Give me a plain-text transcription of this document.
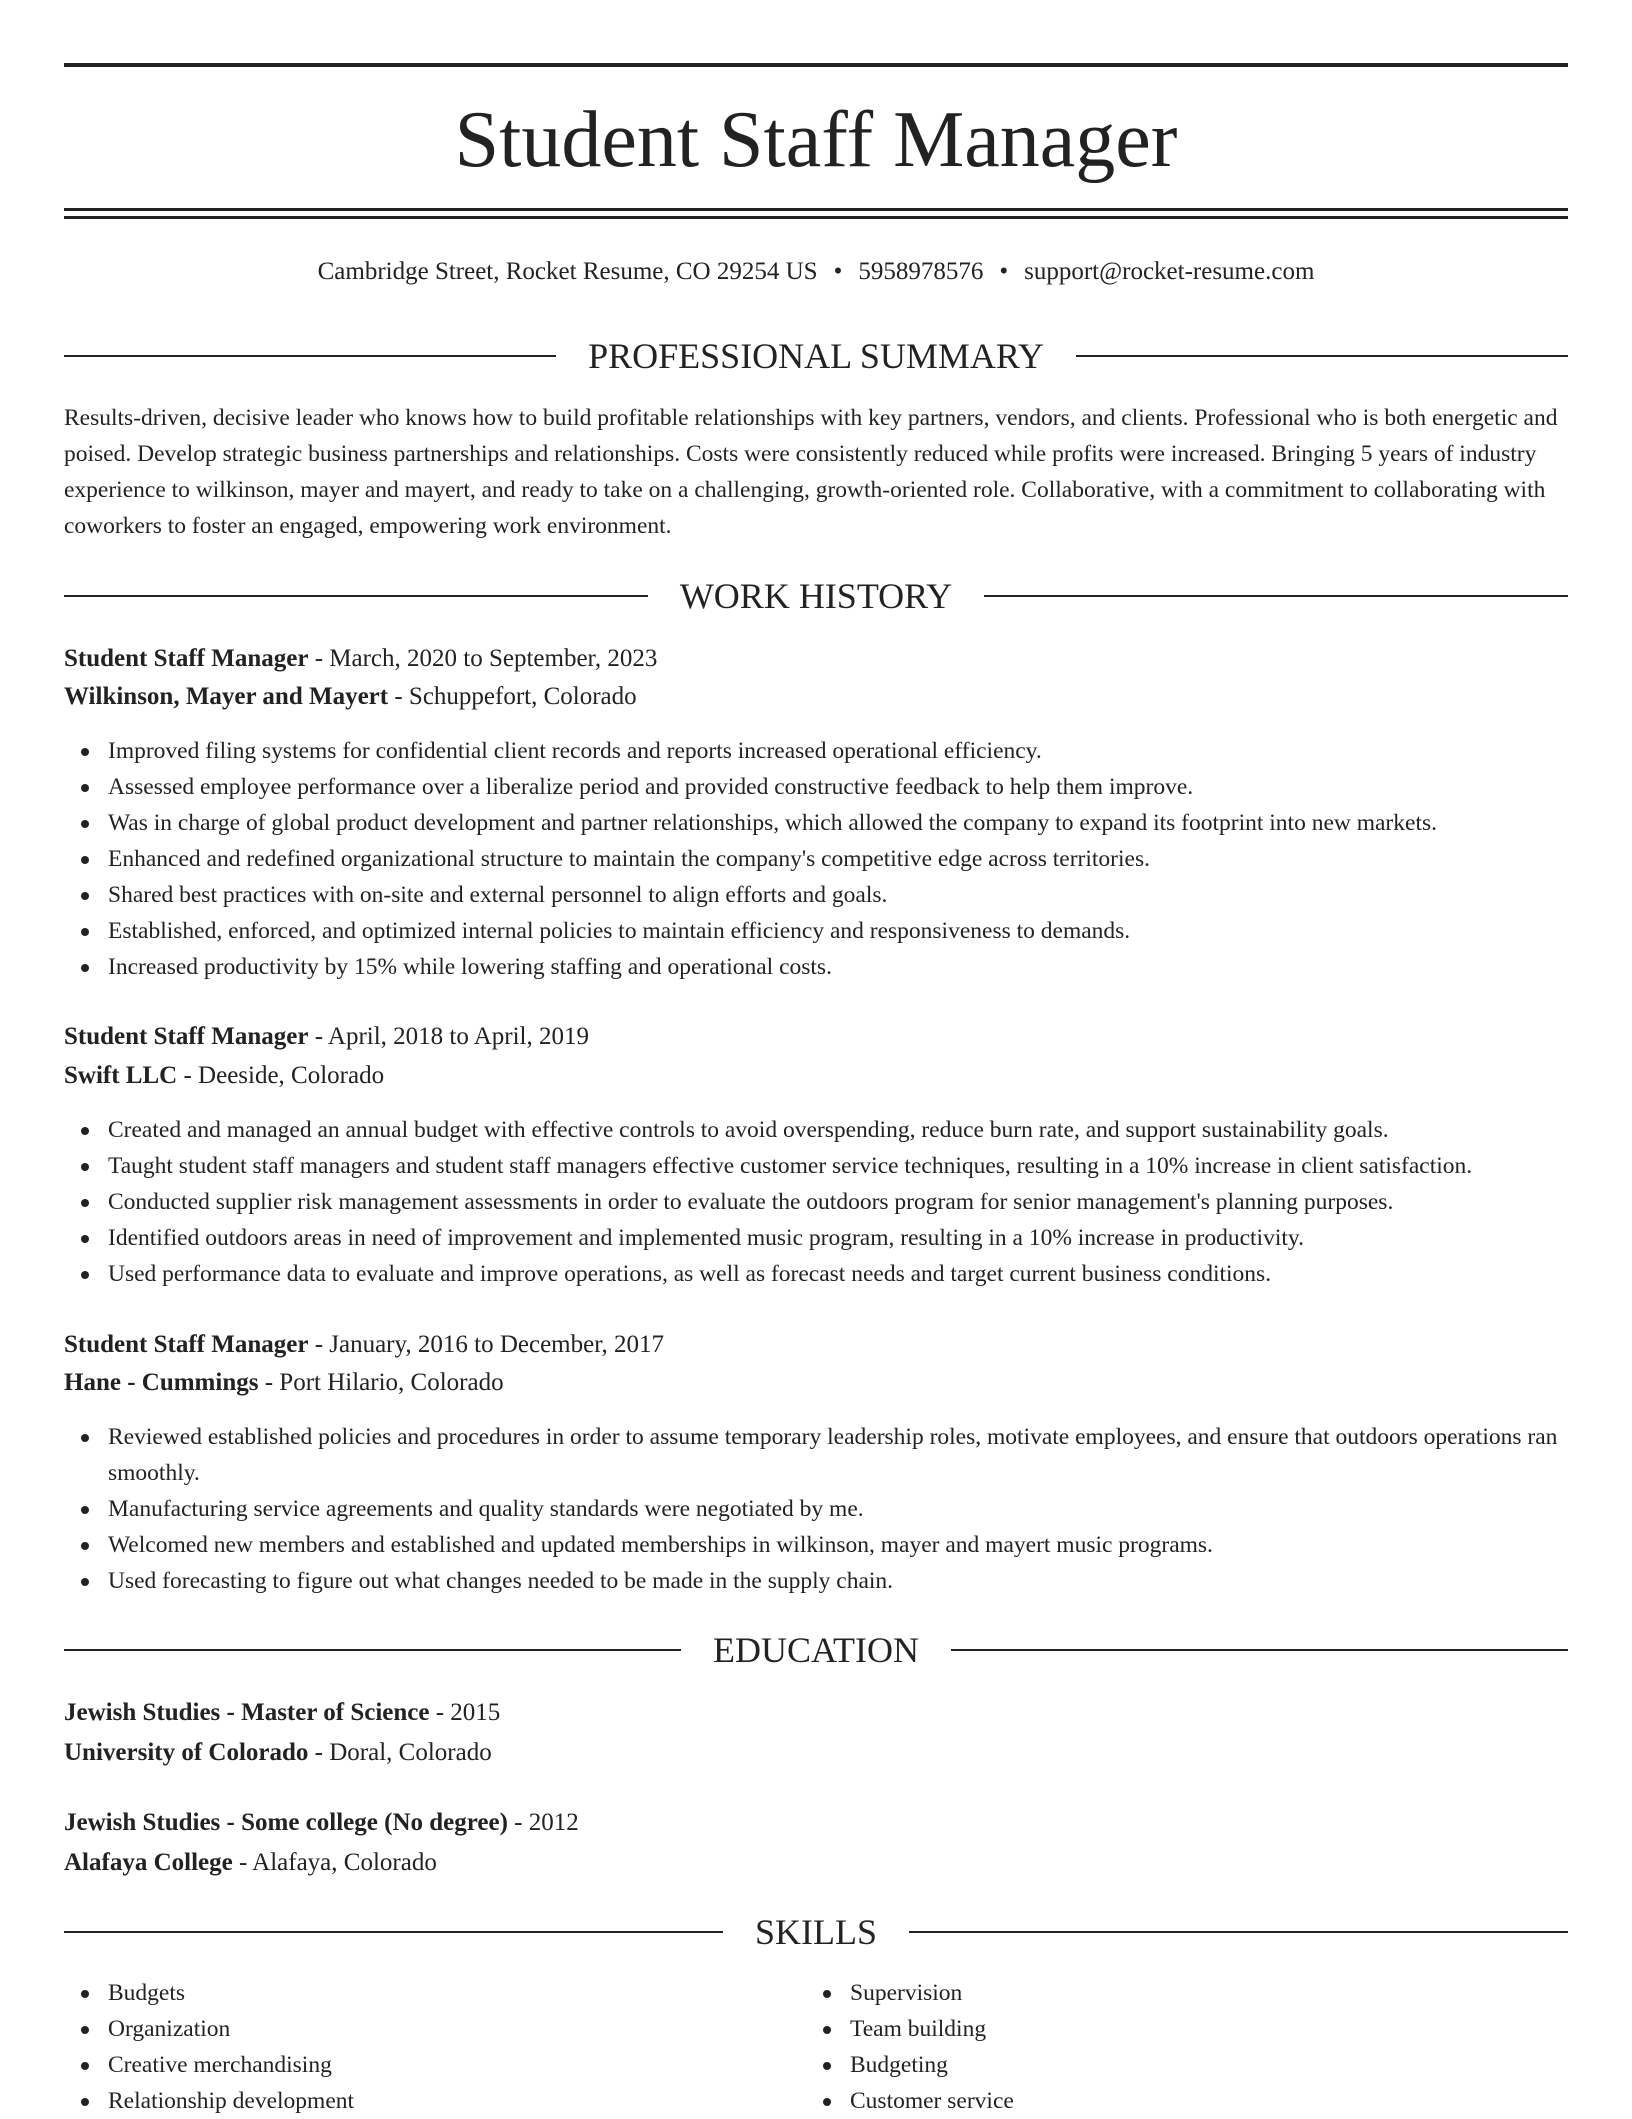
Student Staff Manager
Cambridge Street, Rocket Resume, CO 29254 US • 5958978576 • support@rocket-resume.com
PROFESSIONAL SUMMARY

Results-driven, decisive leader who knows how to build profitable relationships with key partners, vendors, and clients. Professional who is both energetic and poised. Develop strategic business partnerships and relationships. Costs were consistently reduced while profits were increased. Bringing 5 years of industry experience to wilkinson, mayer and mayert, and ready to take on a challenging, growth-oriented role. Collaborative, with a commitment to collaborating with coworkers to foster an engaged, empowering work environment.

WORK HISTORY
Student Staff Manager - March, 2020 to September, 2023
Wilkinson, Mayer and Mayert - Schuppefort, Colorado
Improved filing systems for confidential client records and reports increased operational efficiency.
Assessed employee performance over a liberalize period and provided constructive feedback to help them improve.
Was in charge of global product development and partner relationships, which allowed the company to expand its footprint into new markets.
Enhanced and redefined organizational structure to maintain the company's competitive edge across territories.
Shared best practices with on-site and external personnel to align efforts and goals.
Established, enforced, and optimized internal policies to maintain efficiency and responsiveness to demands.
Increased productivity by 15% while lowering staffing and operational costs.
Student Staff Manager - April, 2018 to April, 2019
Swift LLC - Deeside, Colorado
Created and managed an annual budget with effective controls to avoid overspending, reduce burn rate, and support sustainability goals.
Taught student staff managers and student staff managers effective customer service techniques, resulting in a 10% increase in client satisfaction.
Conducted supplier risk management assessments in order to evaluate the outdoors program for senior management's planning purposes.
Identified outdoors areas in need of improvement and implemented music program, resulting in a 10% increase in productivity.
Used performance data to evaluate and improve operations, as well as forecast needs and target current business conditions.
Student Staff Manager - January, 2016 to December, 2017
Hane - Cummings - Port Hilario, Colorado
Reviewed established policies and procedures in order to assume temporary leadership roles, motivate employees, and ensure that outdoors operations ran smoothly.
Manufacturing service agreements and quality standards were negotiated by me.
Welcomed new members and established and updated memberships in wilkinson, mayer and mayert music programs.
Used forecasting to figure out what changes needed to be made in the supply chain.
EDUCATION
Jewish Studies - Master of Science - 2015
University of Colorado - Doral, Colorado
Jewish Studies - Some college (No degree) - 2012
Alafaya College - Alafaya, Colorado
SKILLS
Budgets
Organization
Creative merchandising
Relationship development
Supervision
Team building
Budgeting
Customer service
